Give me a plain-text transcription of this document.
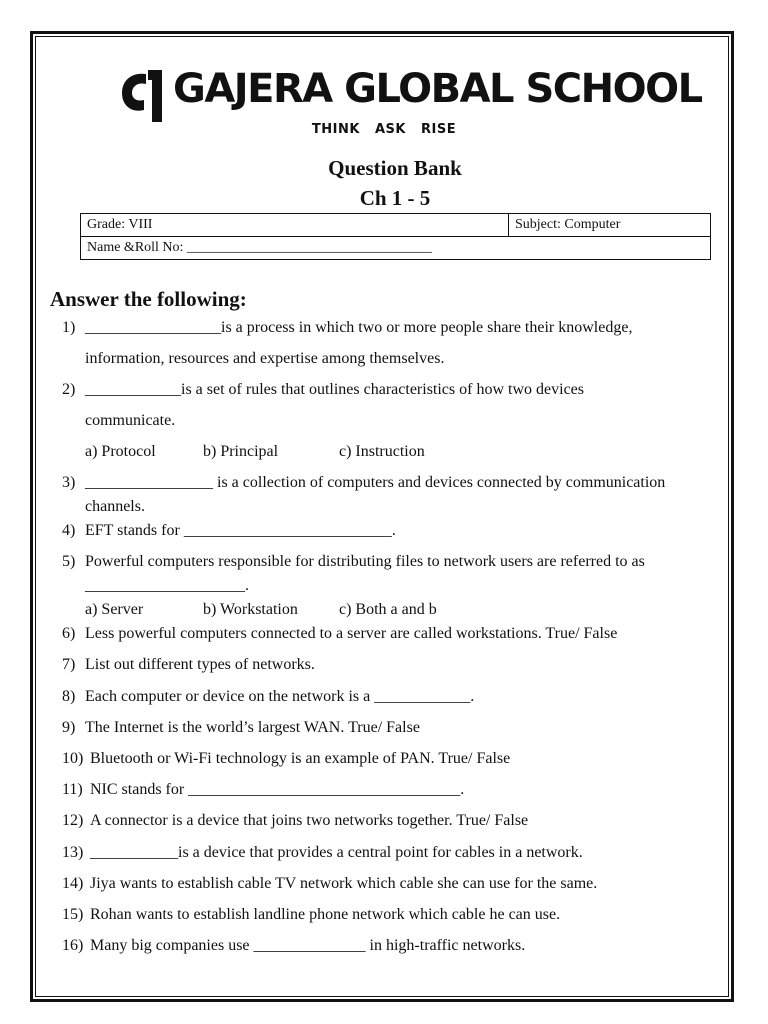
GAJERA GLOBAL SCHOOL
THINK ASK RISE
Question Bank
Ch 1 - 5
Grade: VIII	Subject: Computer
Name &Roll No: ___________________________________
Answer the following:
1) _________________is a process in which two or more people share their knowledge,
information, resources and expertise among themselves.
2) ____________is a set of rules that outlines characteristics of how two devices
communicate.
a) Protocol	b) Principal	c) Instruction
3) ________________ is a collection of computers and devices connected by communication
channels.
4) EFT stands for __________________________.
5) Powerful computers responsible for distributing files to network users are referred to as
____________________.
a) Server	b) Workstation	c) Both a and b
6) Less powerful computers connected to a server are called workstations. True/ False
7) List out different types of networks.
8) Each computer or device on the network is a ____________.
9) The Internet is the world’s largest WAN. True/ False
10) Bluetooth or Wi-Fi technology is an example of PAN. True/ False
11) NIC stands for __________________________________.
12) A connector is a device that joins two networks together. True/ False
13) ___________is a device that provides a central point for cables in a network.
14) Jiya wants to establish cable TV network which cable she can use for the same.
15) Rohan wants to establish landline phone network which cable he can use.
16) Many big companies use ______________ in high-traffic networks.
